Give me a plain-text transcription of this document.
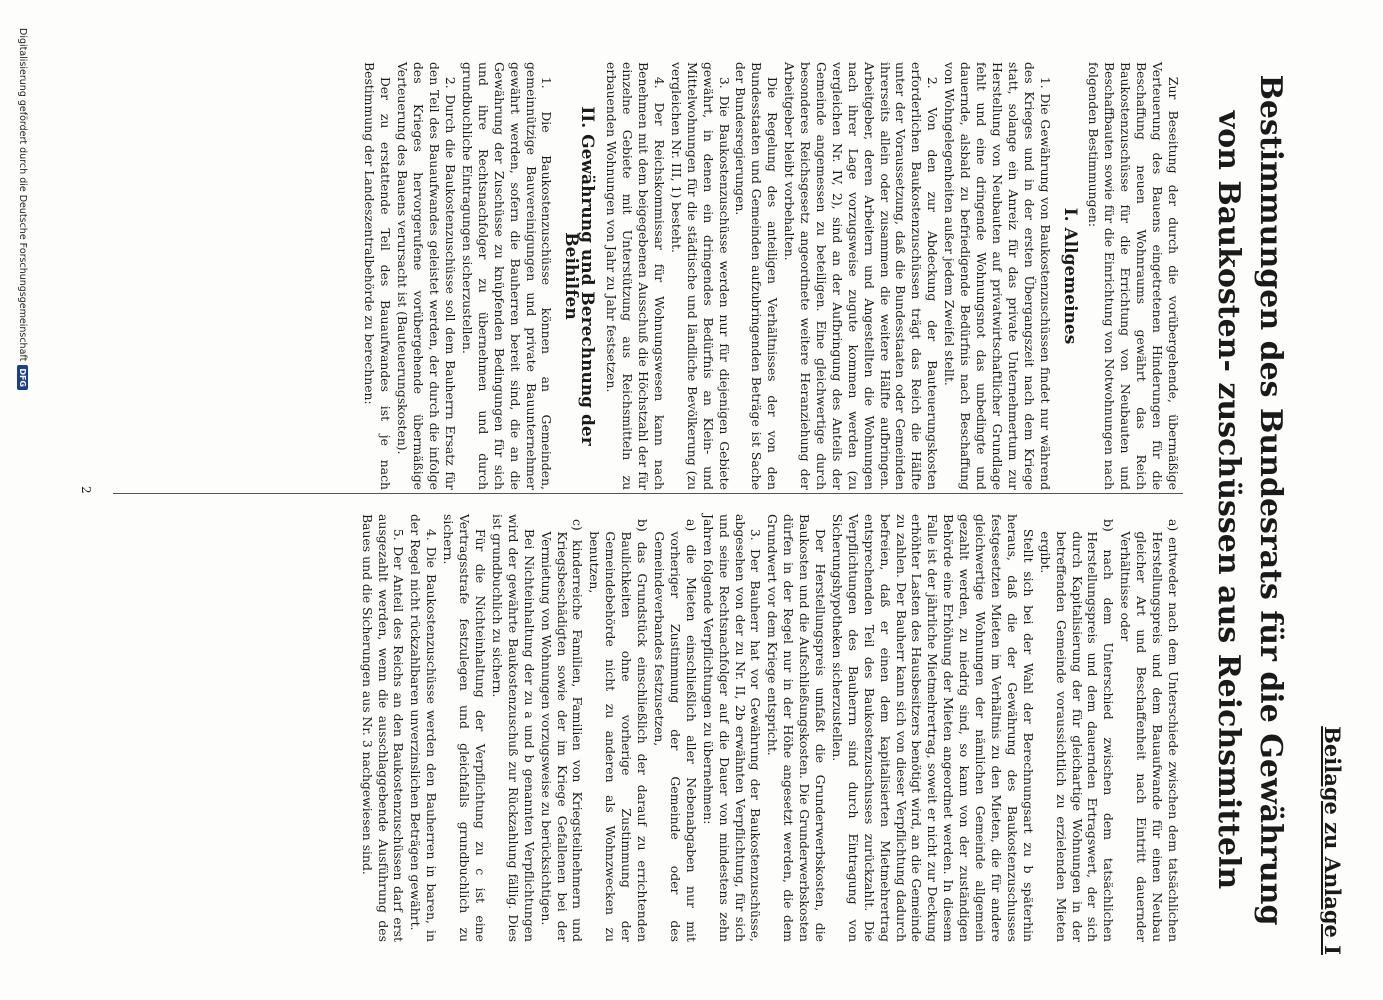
Beilage zu Anlage I
Bestimmungen des Bundesrats für die Gewährung von Baukosten- zuschüssen aus Reichsmitteln

Zur Beseitung der durch die vorübergehende, übermäßige Verteuerung des Bauens eingetretenen Hinderungen für die Beschaffung neuen Wohnraums gewährt das Reich Baukostenzuschüsse für die Errichtung von Neubauten und Beschaffbauten sowie für die Einrichtung von Notwohnungen nach folgenden Bestimmungen:

I. Allgemeines

1. Die Gewährung von Baukostenzuschüssen findet nur während des Krieges und in der ersten Übergangszeit nach dem Kriege statt, solange ein Anreiz für das private Unternehmertum zur Herstellung von Neubauten auf privatwirtschaftlicher Grundlage fehlt und eine dringende Wohnungsnot das unbedingte und dauernde, alsbald zu befriedigende Bedürfnis nach Beschaffung von Wohngelegenheiten außer jedem Zweifel stellt.

2. Von den zur Abdeckung der Bauteuerungskosten erforderlichen Baukostenzuschüssen trägt das Reich die Hälfte unter der Voraussetzung, daß die Bundesstaaten oder Gemeinden ihrerseits allein oder zusammen die weitere Hälfte aufbringen. Arbeitgeber, deren Arbeitern und Angestellten die Wohnungen nach ihrer Lage vorzugsweise zugute kommen werden (zu vergleichen Nr. IV, 2), sind an der Aufbringung des Anteils der Gemeinde angemessen zu beteiligen. Eine gleichwertige durch besonderes Reichsgesetz angeordnete weitere Heranziehung der Arbeitgeber bleibt vorbehalten.

Die Regelung des anteiligen Verhältnisses der von den Bundesstaaten und Gemeinden aufzubringenden Beträge ist Sache der Bundesregierungen.

3. Die Baukostenzuschüsse werden nur für diejenigen Gebiete gewährt, in denen ein dringendes Bedürfnis an Klein- und Mittelwohnungen für die städtische und ländliche Bevölkerung (zu vergleichen Nr. III, 1) besteht.

4. Der Reichskommissar für Wohnungswesen kann nach Benehmen mit dem beigegebenen Ausschuß die Höchstzahl der für einzelne Gebiete mit Unterstützung aus Reichsmitteln zu erbauenden Wohnungen von Jahr zu Jahr festsetzen.

II. Gewährung und Berechnung der Beihilfen

1. Die Baukostenzuschüsse können an Gemeinden, gemeinnützige Bauvereinigungen und private Bauunternehmer gewährt werden, sofern die Bauherren bereit sind, die an die Gewährung der Zuschüsse zu knüpfenden Bedingungen für sich und ihre Rechtsnachfolger zu übernehmen und durch grundbuchliche Eintragungen sicherzustellen.

2. Durch die Baukostenzuschüsse soll dem Bauherrn Ersatz für den Teil des Bauaufwandes geleistet werden, der durch die infolge des Krieges hervorgerufene vorübergehende übermäßige Verteuerung des Bauens verursacht ist (Bauteuerungskosten).

Der zu erstattende Teil des Bauaufwandes ist je nach Bestimmung der Landeszentralbehörde zu berechnen:

a) entweder nach dem Unterschiede zwischen dem tatsächlichen Herstellungspreis und dem Bauaufwande für einen Neubau gleicher Art und Beschaffenheit nach Eintritt dauernder Verhältnisse oder

b) nach dem Unterschied zwischen dem tatsächlichen Herstellungspreis und dem dauernden Ertragswert, der sich durch Kapitalisierung der für gleichartige Wohnungen in der betreffenden Gemeinde voraussichtlich zu erzielenden Mieten ergibt.

Stellt sich bei der Wahl der Berechnungsart zu b späterhin heraus, daß die der Gewährung des Baukostenzuschusses festgesetzten Mieten im Verhältnis zu den Mieten, die für andere gleichwertige Wohnungen der nämlichen Gemeinde allgemein gezahlt werden, zu niedrig sind, so kann von der zuständigen Behörde eine Erhöhung der Mieten angeordnet werden. In diesem Falle ist der jährliche Mietmehrertrag, soweit er nicht zur Deckung erhöhter Lasten des Hausbesitzers benötigt wird, an die Gemeinde zu zahlen. Der Bauherr kann sich von dieser Verpflichtung dadurch befreien, daß er einen dem kapitalisierten Mietmehrertrag entsprechenden Teil des Baukostenzuschusses zurückzahlt. Die Verpflichtungen des Bauherrn sind durch Eintragung von Sicherungshypotheken sicherzustellen.

Der Herstellungspreis umfaßt die Grunderwerbskosten, die Baukosten und die Aufschließungskosten. Die Grunderwerbskosten dürfen in der Regel nur in der Höhe angesetzt werden, die dem Grundwert vor dem Kriege entspricht.

3. Der Bauherr hat vor Gewährung der Baukostenzuschüsse, abgesehen von der zu Nr. II, 2b erwähnten Verpflichtung, für sich und seine Rechtsnachfolger auf die Dauer von mindestens zehn Jahren folgende Verpflichtungen zu übernehmen:

a) die Mieten einschließlich aller Nebenabgaben nur mit vorheriger Zustimmung der Gemeinde oder des Gemeindeverbandes festzusetzen,

b) das Grundstück einschließlich der darauf zu errichtenden Baulichkeiten ohne vorherige Zustimmung der Gemeindebehörde nicht zu anderen als Wohnzwecken zu benutzen,

c) kinderreiche Familien, Familien von Kriegsteilnehmern und Kriegsbeschädigten sowie der im Kriege Gefallenen bei der Vermietung von Wohnungen vorzugsweise zu berücksichtigen.

Bei Nichteinhaltung der zu a und b genannten Verpflichtungen wird der gewährte Baukostenzuschuß zur Rückzahlung fällig. Dies ist grundbuchlich zu sichern.

Für die Nichteinhaltung der Verpflichtung zu c ist eine Vertragsstrafe festzulegen und gleichfalls grundbuchlich zu sichern.

4. Die Baukostenzuschüsse werden den Bauherren in baren, in der Regel nicht rückzahlbaren unverzinslichen Beträgen gewährt.

5. Der Anteil des Reichs an den Baukostenzuschüssen darf erst ausgezahlt werden, wenn die ausschlaggebende Ausführung des Baues und die Sicherungen aus Nr. 3 nachgewiesen sind.

2
Digitalisierung gefördert durch die Deutsche Forschungsgemeinschaft
DFG
